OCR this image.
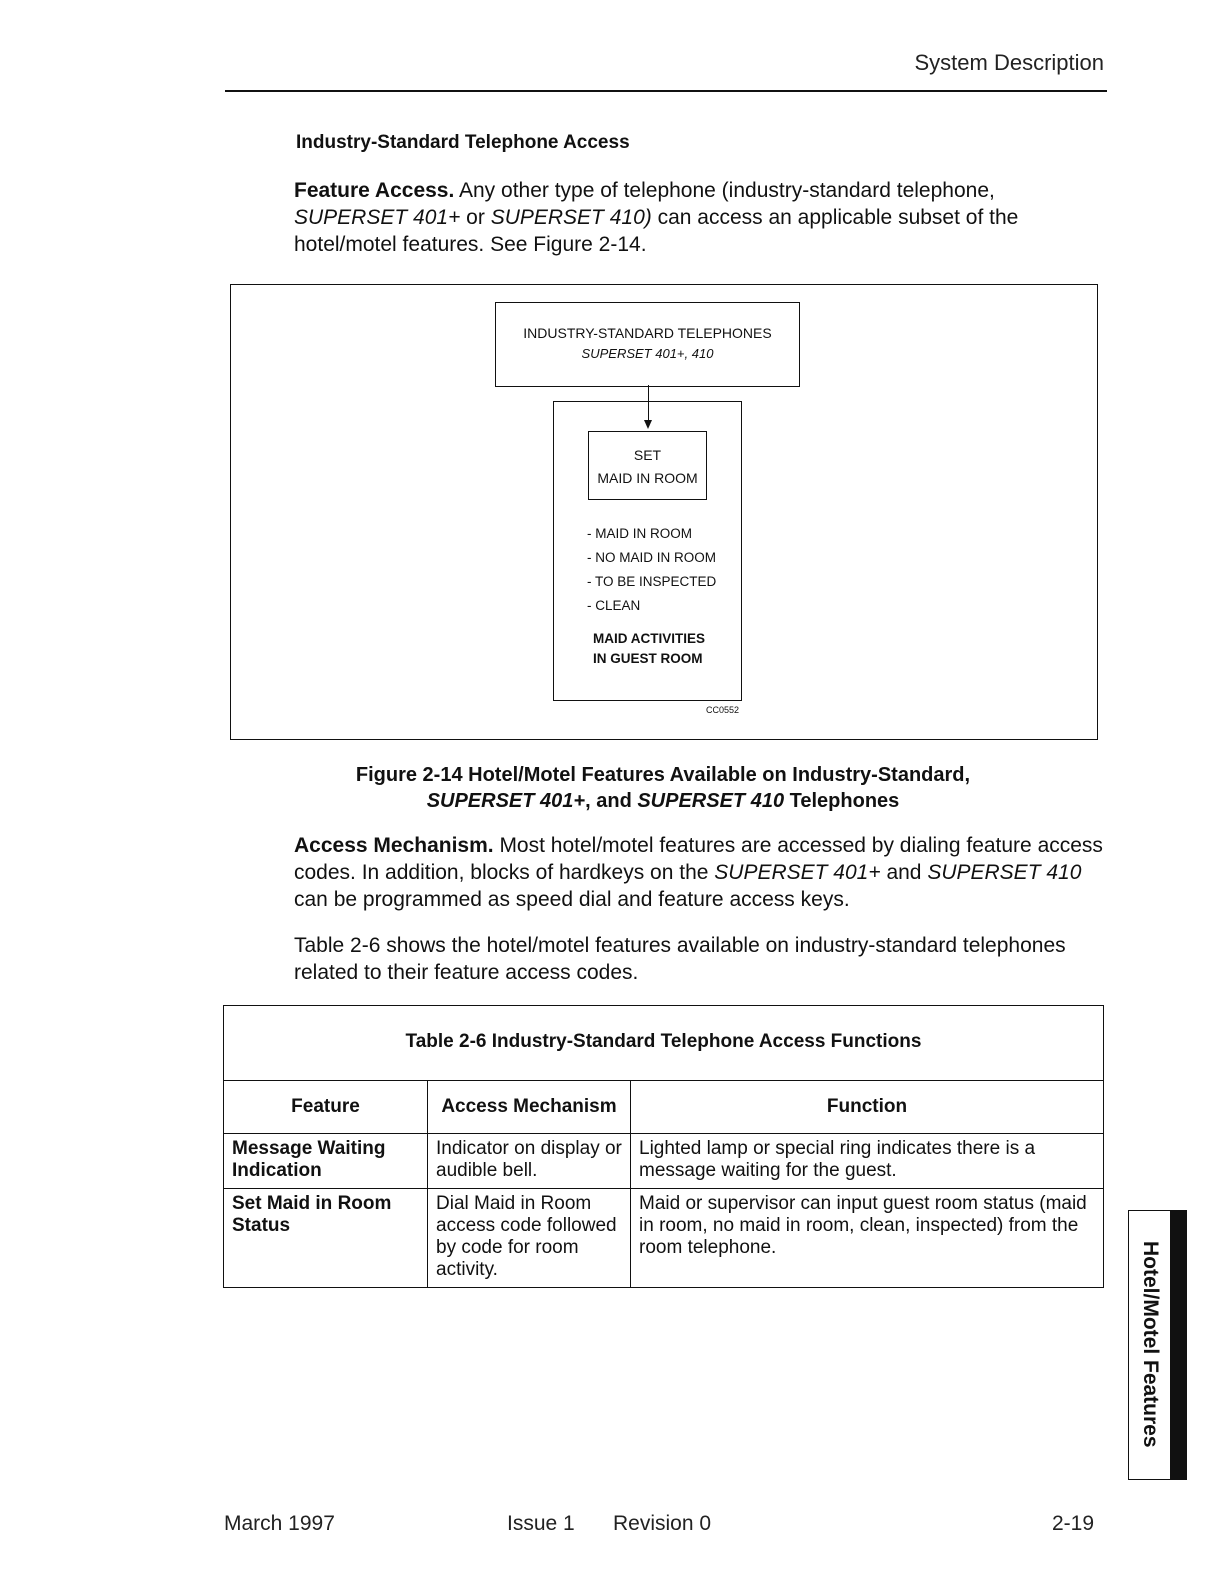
System Description
Industry-Standard Telephone Access
Feature Access. Any other type of telephone (industry-standard telephone, SUPERSET 401+ or SUPERSET 410) can access an applicable subset of the hotel/motel features. See Figure 2-14.
INDUSTRY-STANDARD TELEPHONES
SUPERSET 401+, 410
SET
MAID IN ROOM
- MAID IN ROOM
- NO MAID IN ROOM
- TO BE INSPECTED
- CLEAN
MAID ACTIVITIES
IN GUEST ROOM
CC0552
Figure 2-14 Hotel/Motel Features Available on Industry-Standard,
SUPERSET 401+, and SUPERSET 410 Telephones
Access Mechanism. Most hotel/motel features are accessed by dialing feature access codes. In addition, blocks of hardkeys on the SUPERSET 401+ and SUPERSET 410 can be programmed as speed dial and feature access keys.
Table 2-6 shows the hotel/motel features available on industry-standard telephones related to their feature access codes.
Table 2-6 Industry-Standard Telephone Access Functions		
Feature	Access Mechanism	Function
Message Waiting Indication	Indicator on display or audible bell.	Lighted lamp or special ring indicates there is a message waiting for the guest.
Set Maid in Room Status	Dial Maid in Room access code followed by code for room activity.	Maid or supervisor can input guest room status (maid in room, no maid in room, clean, inspected) from the room telephone.	Hotel/Motel Features
March 1997	Issue 1 Revision 0	2-19
